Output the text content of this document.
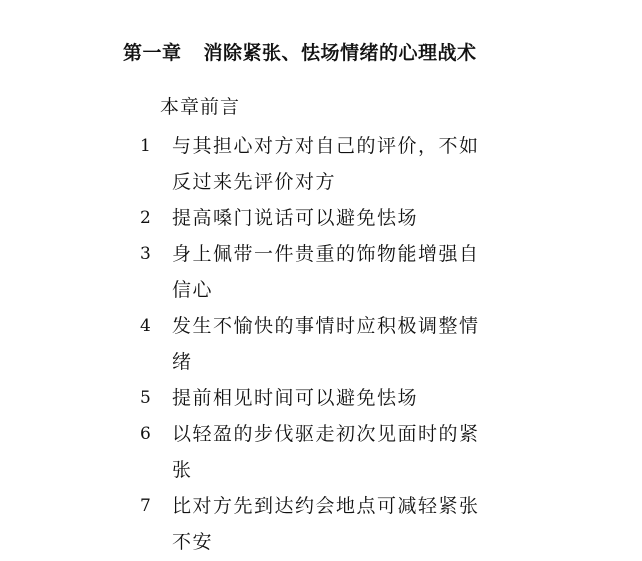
第一章 消除紧张、怯场情绪的心理战术
本章前言
1 与其担心对方对自己的评价，不如
反过来先评价对方
2 提高嗓门说话可以避免怯场
3 身上佩带一件贵重的饰物能增强自
信心
4 发生不愉快的事情时应积极调整情
绪
5 提前相见时间可以避免怯场
6 以轻盈的步伐驱走初次见面时的紧
张
7 比对方先到达约会地点可减轻紧张
不安
